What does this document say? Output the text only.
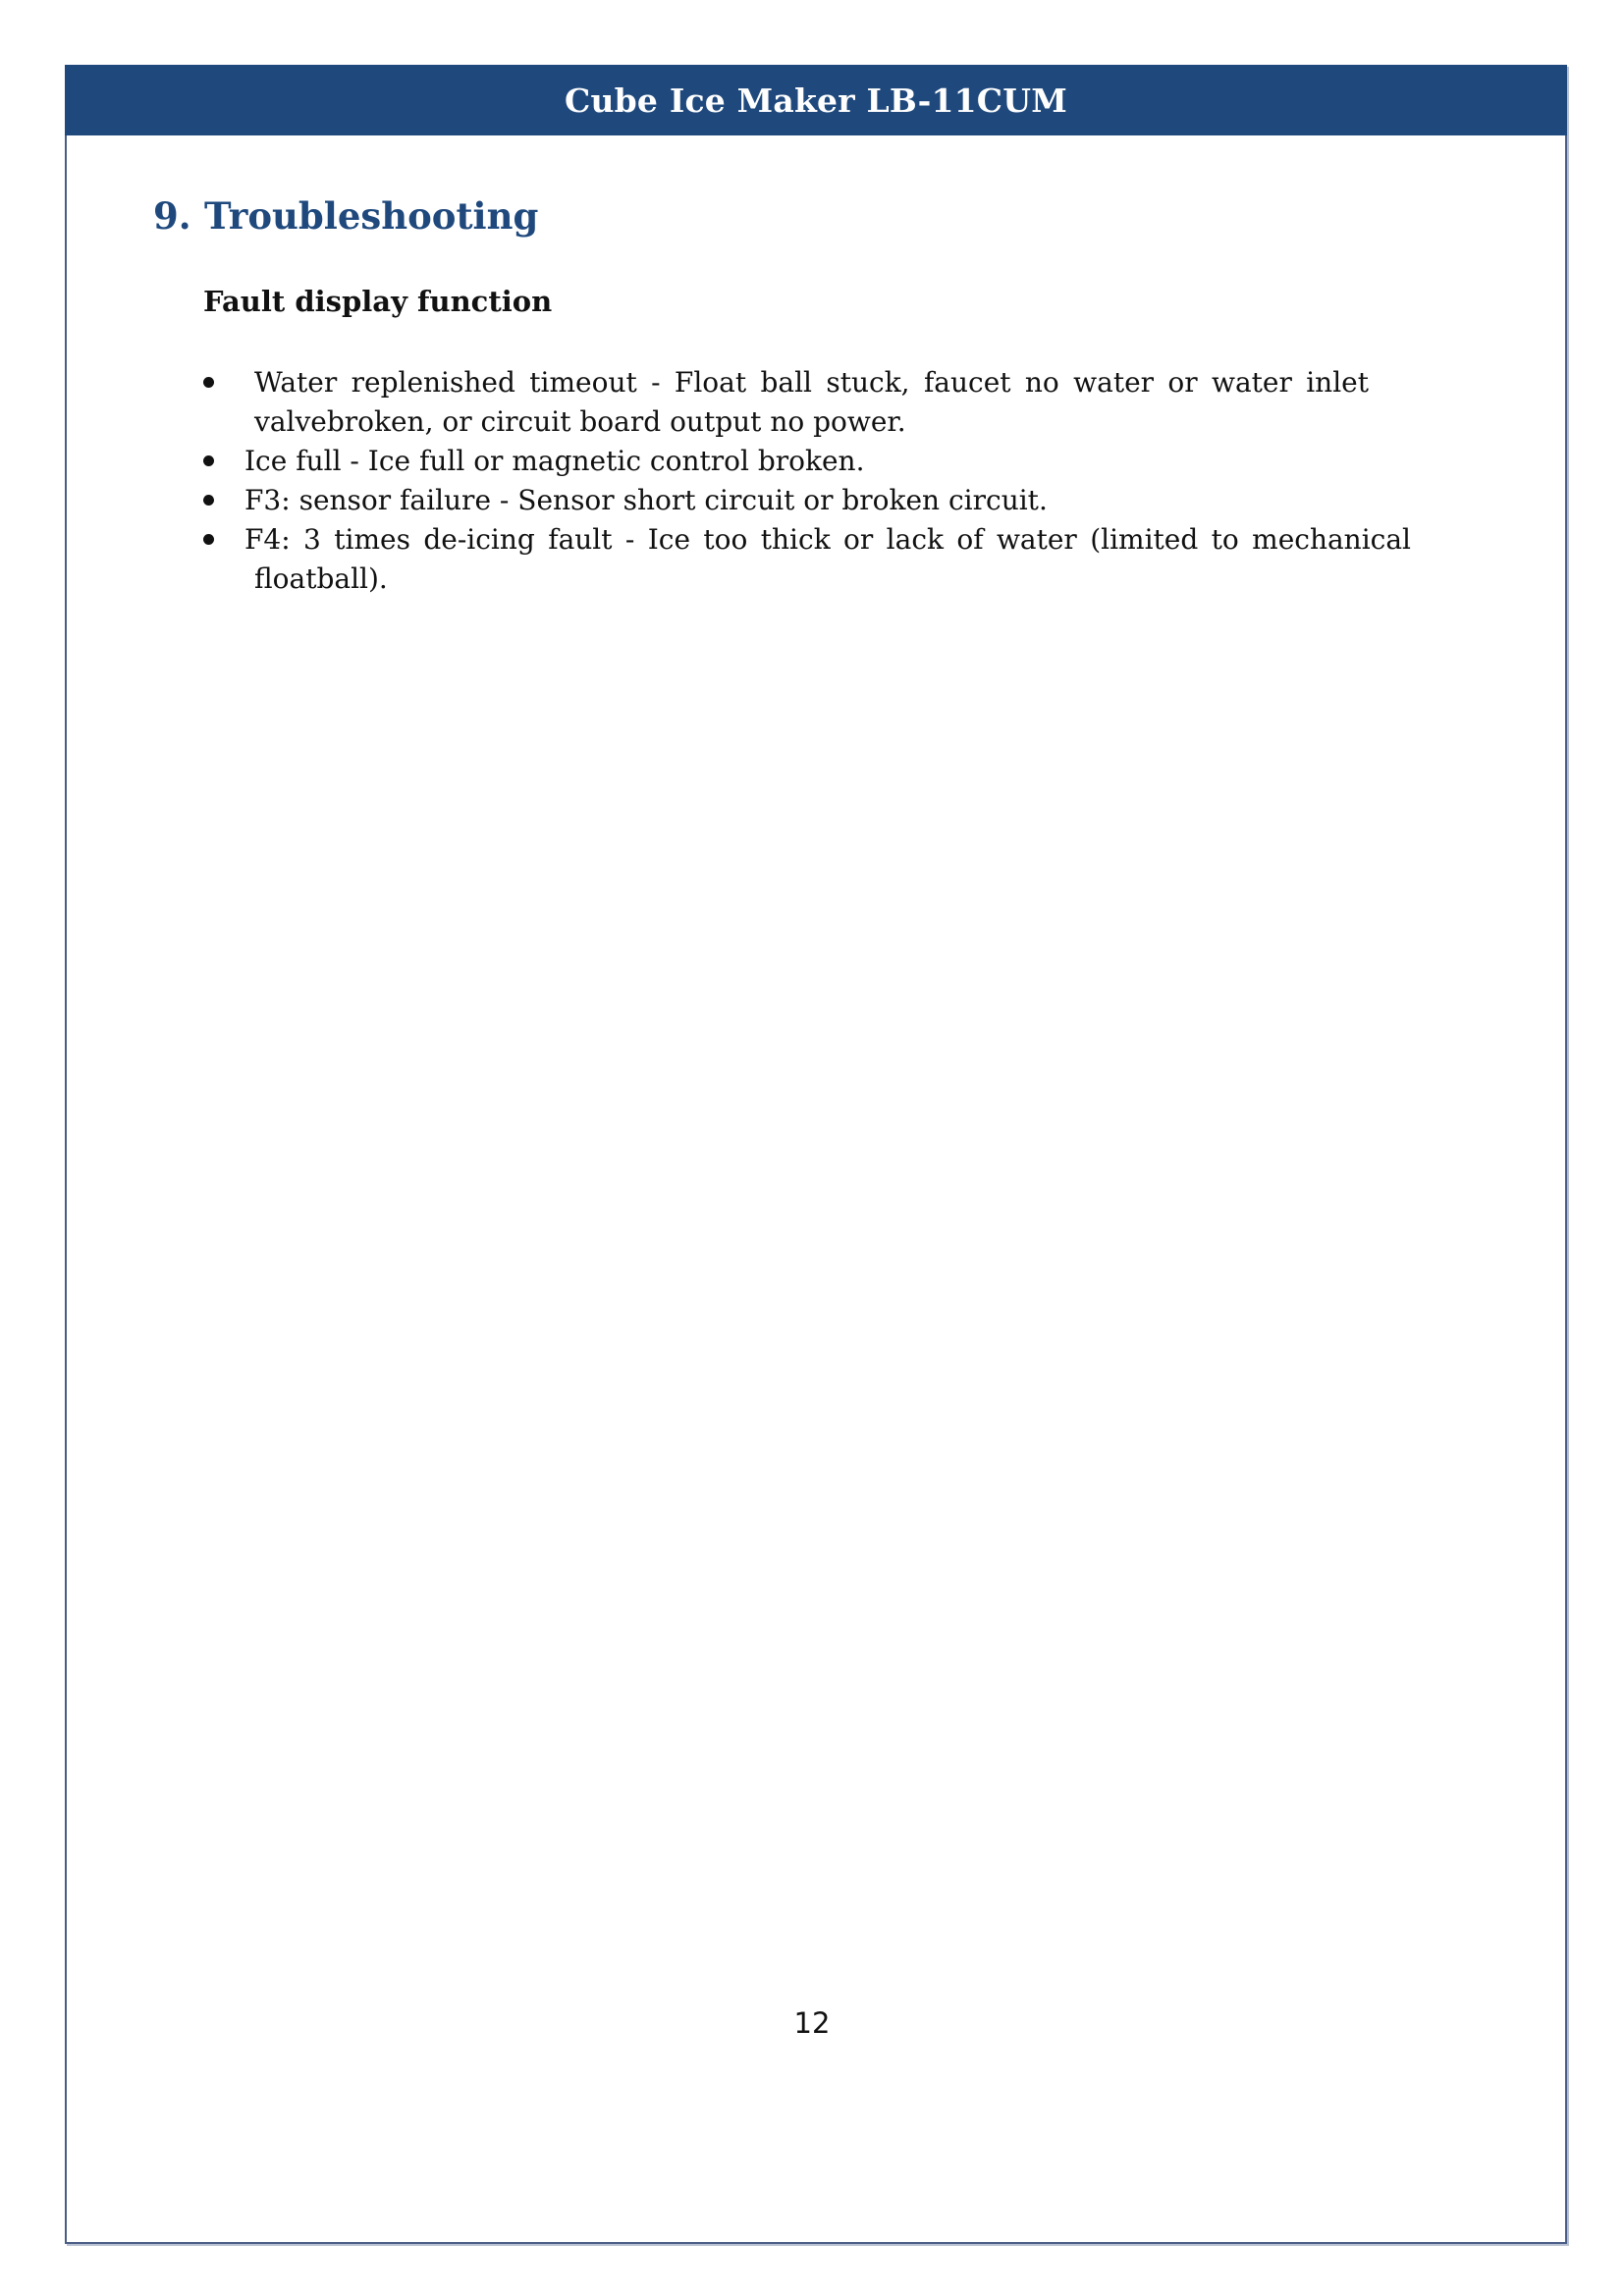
Cube Ice Maker LB-11CUM
9. Troubleshooting
Fault display function
Water replenished timeout - Float ball stuck, faucet no water or water inlet
valvebroken, or circuit board output no power.
Ice full - Ice full or magnetic control broken.
F3: sensor failure - Sensor short circuit or broken circuit.
F4: 3 times de-icing fault - Ice too thick or lack of water (limited to mechanical
floatball).
12
